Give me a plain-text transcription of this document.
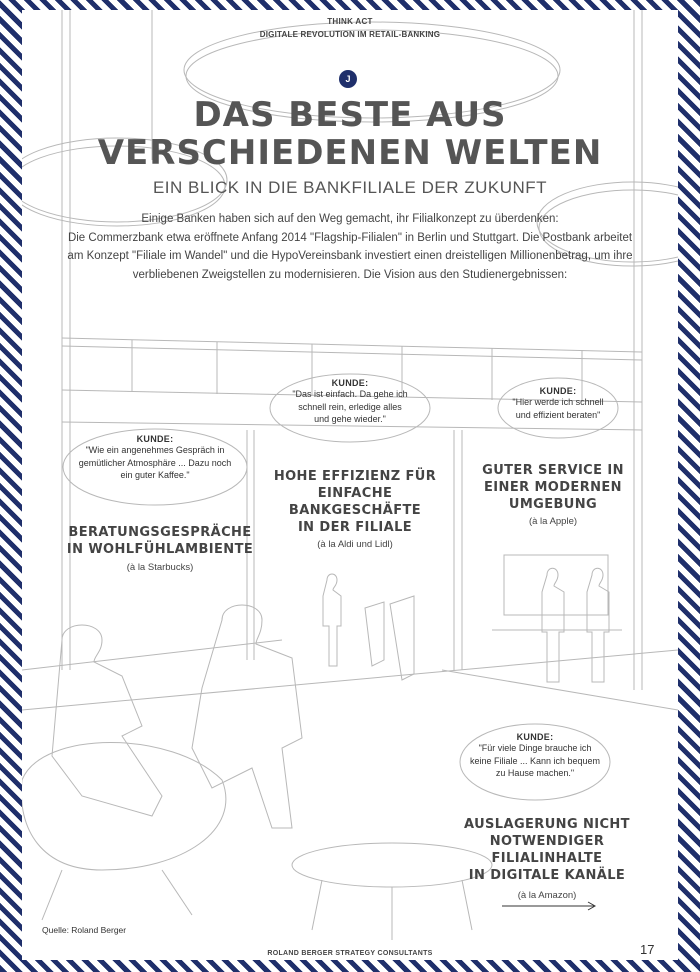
THINK ACT
DIGITALE REVOLUTION IM RETAIL-BANKING
J
DAS BESTE AUS
VERSCHIEDENEN WELTEN
EIN BLICK IN DIE BANKFILIALE DER ZUKUNFT
Einige Banken haben sich auf den Weg gemacht, ihr Filialkonzept zu überdenken:
Die Commerzbank etwa eröffnete Anfang 2014 "Flagship-Filialen" in Berlin und Stuttgart. Die Postbank arbeitet
am Konzept "Filiale im Wandel" und die HypoVereinsbank investiert einen dreistelligen Millionenbetrag, um ihre
verbliebenen Zweigstellen zu modernisieren. Die Vision aus den Studienergebnissen:
KUNDE:
"Wie ein angenehmes Gespräch in
gemütlicher Atmosphäre ... Dazu noch
ein guter Kaffee."
BERATUNGSGESPRÄCHE
IN WOHLFÜHLAMBIENTE
(à la Starbucks)
KUNDE:
"Das ist einfach. Da gehe ich
schnell rein, erledige alles
und gehe wieder."
HOHE EFFIZIENZ FÜR
EINFACHE BANKGESCHÄFTE
IN DER FILIALE
(à la Aldi und Lidl)
KUNDE:
"Hier werde ich schnell
und effizient beraten"
GUTER SERVICE IN
EINER MODERNEN
UMGEBUNG
(à la Apple)
KUNDE:
"Für viele Dinge brauche ich
keine Filiale ... Kann ich bequem
zu Hause machen."
AUSLAGERUNG NICHT
NOTWENDIGER FILIALINHALTE
IN DIGITALE KANÄLE
(à la Amazon)
Quelle: Roland Berger
ROLAND BERGER STRATEGY CONSULTANTS	17
